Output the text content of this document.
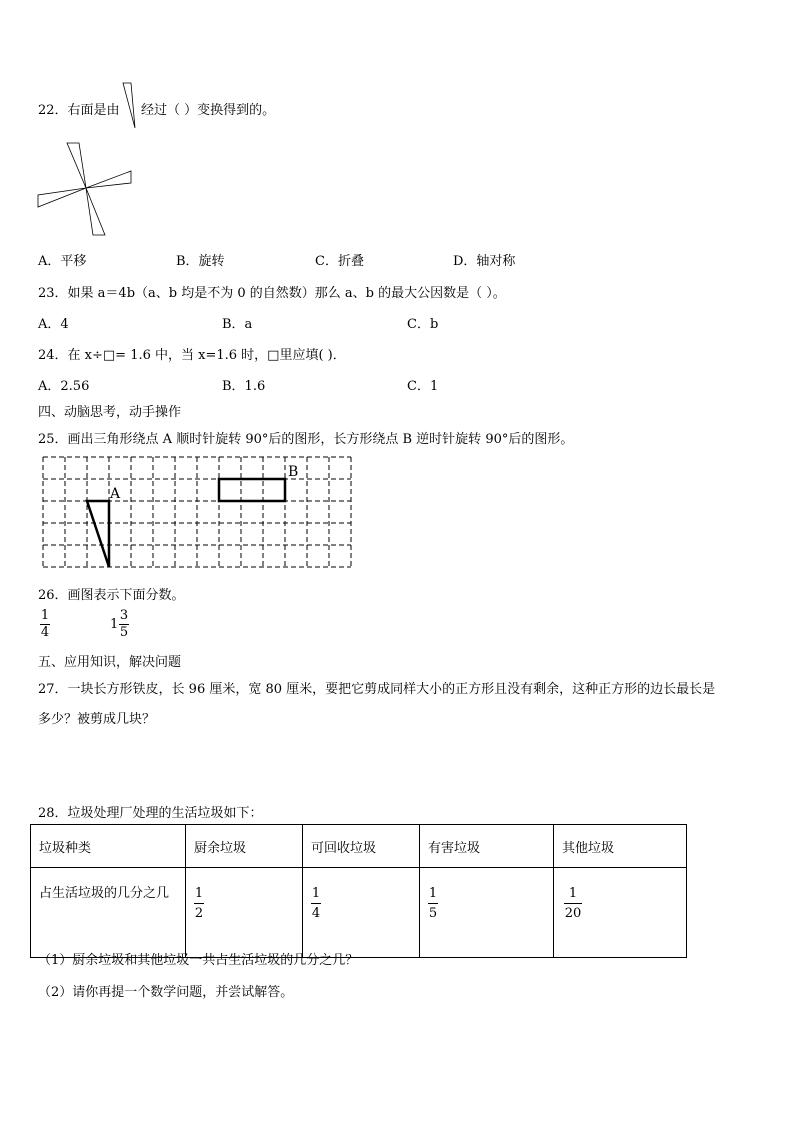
22．右面是由 经过（ ）变换得到的。
A．平移	B．旋转	C．折叠	D．轴对称
23．如果 a＝4b（a、b 均是不为 0 的自然数）那么 a、b 的最大公因数是（ ）。
A．4	B．a	C．b
24．在 x÷□= 1.6 中，当 x=1.6 时，□里应填( )．
A．2.56	B．1.6	C．1
四、动脑思考，动手操作
25．画出三角形绕点 A 顺时针旋转 90°后的图形，长方形绕点 B 逆时针旋转 90°后的图形。
A
B
26．画图表示下面分数。
1
4
1
3
5
五、应用知识，解决问题
27．一块长方形铁皮，长 96 厘米，宽 80 厘米，要把它剪成同样大小的正方形且没有剩余，这种正方形的边长最长是
多少？被剪成几块？
28．垃圾处理厂处理的生活垃圾如下：
垃圾种类	厨余垃圾	可回收垃圾	有害垃圾	其他垃圾
占生活垃圾的几分之几	$\frac{1}{2}$	$\frac{1}{4}$	$\frac{1}{5}$	$\frac{1}{20}$
（1）厨余垃圾和其他垃圾一共占生活垃圾的几分之几？
（2）请你再提一个数学问题，并尝试解答。
